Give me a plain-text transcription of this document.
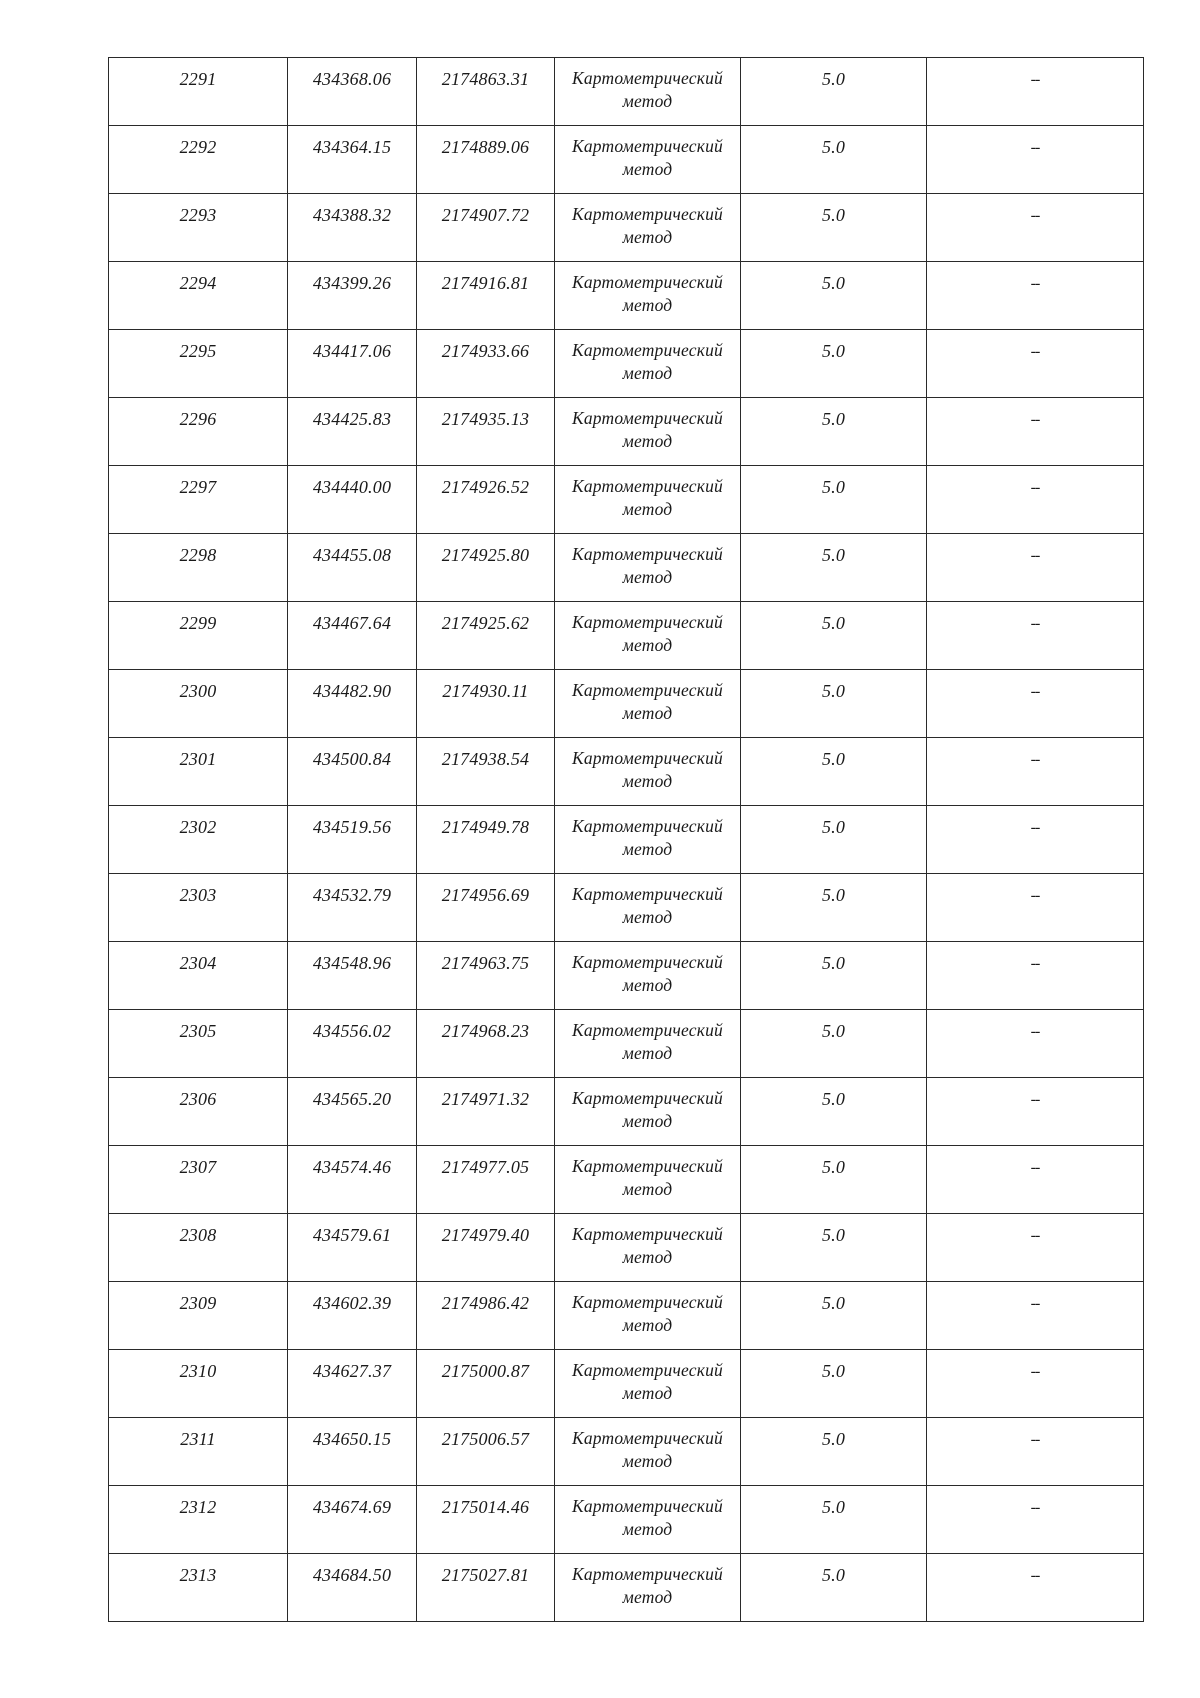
2291	434368.06	2174863.31	Картометрический метод	5.0	--

2292	434364.15	2174889.06	Картометрический метод	5.0	--

2293	434388.32	2174907.72	Картометрический метод	5.0	--

2294	434399.26	2174916.81	Картометрический метод	5.0	--

2295	434417.06	2174933.66	Картометрический метод	5.0	--

2296	434425.83	2174935.13	Картометрический метод	5.0	--

2297	434440.00	2174926.52	Картометрический метод	5.0	--

2298	434455.08	2174925.80	Картометрический метод	5.0	--

2299	434467.64	2174925.62	Картометрический метод	5.0	--

2300	434482.90	2174930.11	Картометрический метод	5.0	--

2301	434500.84	2174938.54	Картометрический метод	5.0	--

2302	434519.56	2174949.78	Картометрический метод	5.0	--

2303	434532.79	2174956.69	Картометрический метод	5.0	--

2304	434548.96	2174963.75	Картометрический метод	5.0	--

2305	434556.02	2174968.23	Картометрический метод	5.0	--

2306	434565.20	2174971.32	Картометрический метод	5.0	--

2307	434574.46	2174977.05	Картометрический метод	5.0	--

2308	434579.61	2174979.40	Картометрический метод	5.0	--

2309	434602.39	2174986.42	Картометрический метод	5.0	--

2310	434627.37	2175000.87	Картометрический метод	5.0	--

2311	434650.15	2175006.57	Картометрический метод	5.0	--

2312	434674.69	2175014.46	Картометрический метод	5.0	--

2313	434684.50	2175027.81	Картометрический метод	5.0	--
